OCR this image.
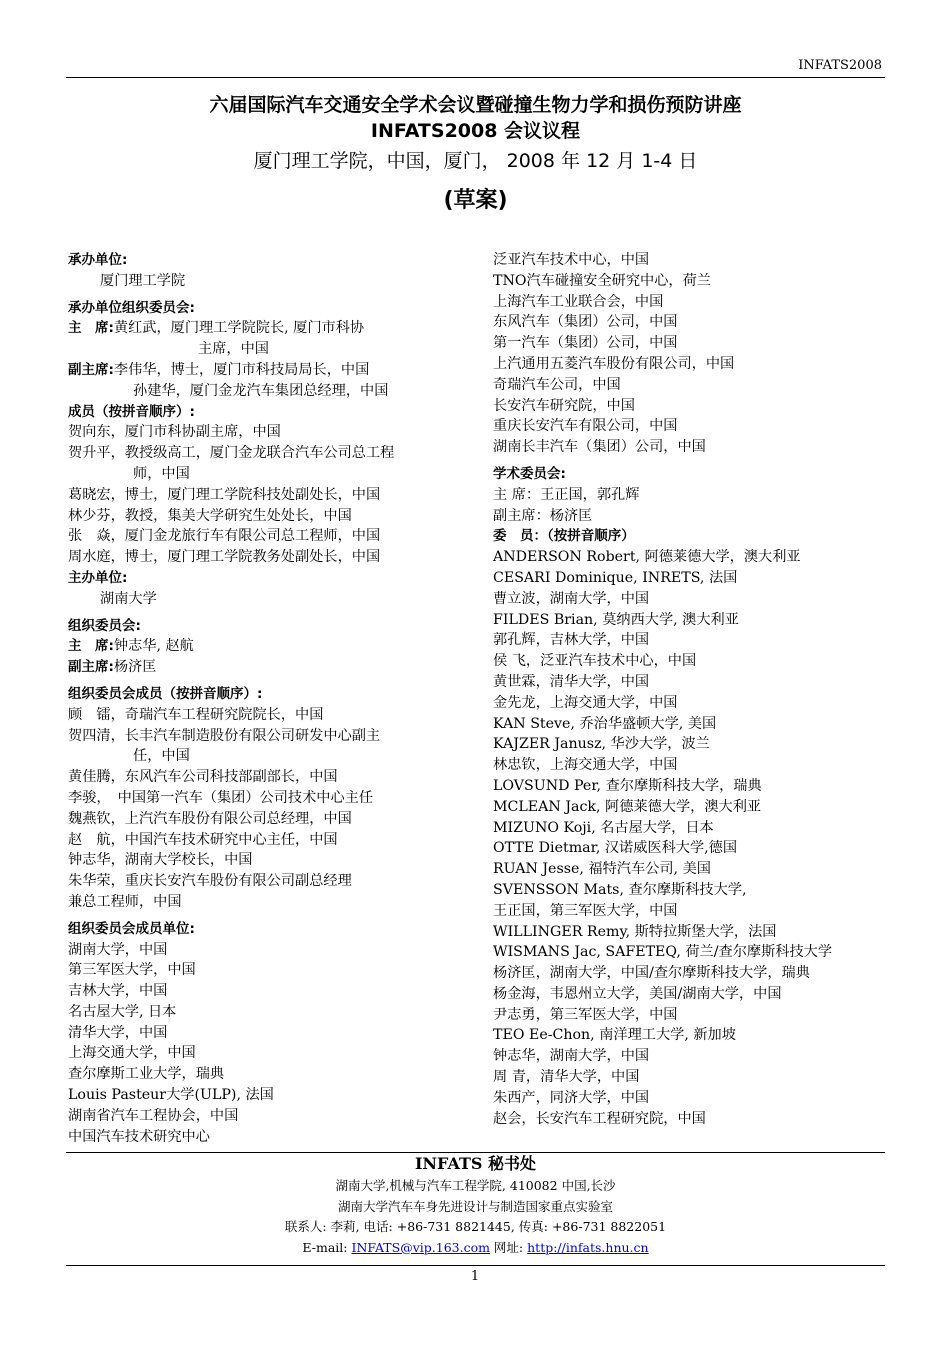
INFATS2008
六届国际汽车交通安全学术会议暨碰撞生物力学和损伤预防讲座
INFATS2008 会议议程
厦门理工学院，中国，厦门， 2008 年 12 月 1-4 日
(草案)
承办单位:
厦门理工学院
承办单位组织委员会:
主　席:黄红武，厦门理工学院院长, 厦门市科协
主席，中国
副主席:李伟华，博士，厦门市科技局局长，中国
孙建华，厦门金龙汽车集团总经理，中国
成员（按拼音顺序）:
贺向东，厦门市科协副主席，中国
贺升平，教授级高工，厦门金龙联合汽车公司总工程
师，中国
葛晓宏，博士，厦门理工学院科技处副处长，中国
林少芬，教授，集美大学研究生处处长，中国
张　焱，厦门金龙旅行车有限公司总工程师，中国
周水庭，博士，厦门理工学院教务处副处长，中国
主办单位:
湖南大学
组织委员会:
主　席:钟志华, 赵航
副主席:杨济匡
组织委员会成员（按拼音顺序）:
顾　镭，奇瑞汽车工程研究院院长，中国
贺四清，长丰汽车制造股份有限公司研发中心副主
任，中国
黄佳腾，东风汽车公司科技部副部长，中国
李骏，　中国第一汽车（集团）公司技术中心主任
魏燕钦，上汽汽车股份有限公司总经理，中国
赵　航，中国汽车技术研究中心主任，中国
钟志华，湖南大学校长，中国
朱华荣，重庆长安汽车股份有限公司副总经理
兼总工程师，中国
组织委员会成员单位:
湖南大学，中国
第三军医大学，中国
吉林大学，中国
名古屋大学, 日本
清华大学，中国
上海交通大学，中国
查尔摩斯工业大学，瑞典
Louis Pasteur大学(ULP), 法国
湖南省汽车工程协会，中国
中国汽车技术研究中心
泛亚汽车技术中心，中国
TNO汽车碰撞安全研究中心，荷兰
上海汽车工业联合会，中国
东风汽车（集团）公司，中国
第一汽车（集团）公司，中国
上汽通用五菱汽车股份有限公司，中国
奇瑞汽车公司，中国
长安汽车研究院，中国
重庆长安汽车有限公司，中国
湖南长丰汽车（集团）公司，中国
学术委员会:
主 席：王正国，郭孔辉
副主席：杨济匡
委　员：（按拼音顺序）
ANDERSON Robert, 阿德莱德大学，澳大利亚
CESARI Dominique, INRETS, 法国
曹立波，湖南大学，中国
FILDES Brian, 莫纳西大学, 澳大利亚
郭孔辉，吉林大学，中国
侯 飞，泛亚汽车技术中心，中国
黄世霖，清华大学，中国
金先龙，上海交通大学，中国
KAN Steve, 乔治华盛顿大学, 美国
KAJZER Janusz, 华沙大学，波兰
林忠钦，上海交通大学，中国
LOVSUND Per, 查尔摩斯科技大学，瑞典
MCLEAN Jack, 阿德莱德大学，澳大利亚
MIZUNO Koji, 名古屋大学，日本
OTTE Dietmar, 汉诺威医科大学,德国
RUAN Jesse, 福特汽车公司, 美国
SVENSSON Mats, 查尔摩斯科技大学,
王正国，第三军医大学，中国
WILLINGER Remy, 斯特拉斯堡大学，法国
WISMANS Jac, SAFETEQ, 荷兰/查尔摩斯科技大学
杨济匡，湖南大学，中国/查尔摩斯科技大学，瑞典
杨金海，韦恩州立大学，美国/湖南大学，中国
尹志勇，第三军医大学，中国
TEO Ee-Chon, 南洋理工大学, 新加坡
钟志华，湖南大学，中国
周 青，清华大学，中国
朱西产，同济大学，中国
赵会，长安汽车工程研究院，中国
INFATS 秘书处
湖南大学,机械与汽车工程学院, 410082 中国,长沙
湖南大学汽车车身先进设计与制造国家重点实验室
联系人: 李莉, 电话: +86-731 8821445, 传真: +86-731 8822051
E-mail: INFATS@vip.163.com 网址: http://infats.hnu.cn
1
